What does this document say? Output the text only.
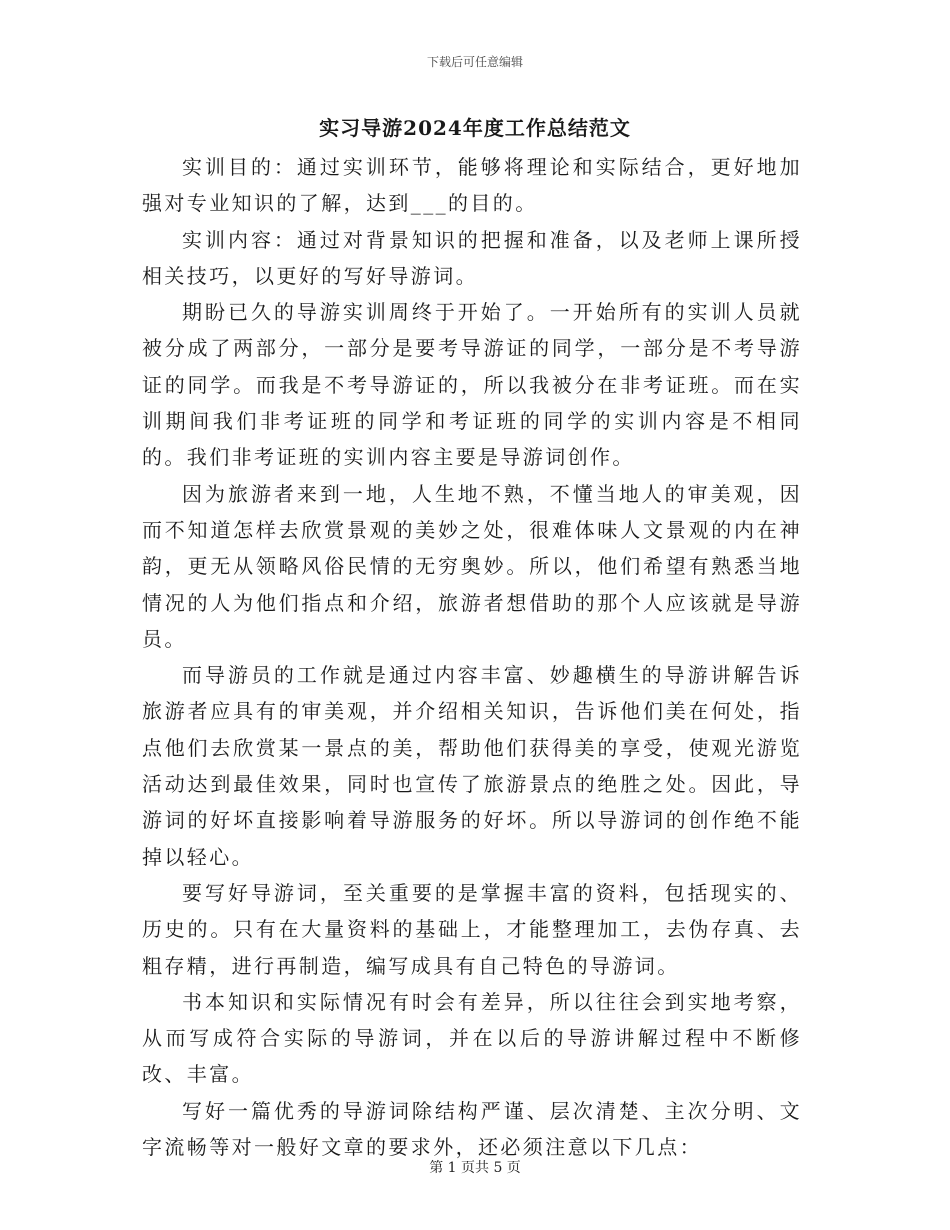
下载后可任意编辑
实习导游2024年度工作总结范文

实训目的：通过实训环节，能够将理论和实际结合，更好地加强对专业知识的了解，达到___的目的。

实训内容：通过对背景知识的把握和准备，以及老师上课所授相关技巧，以更好的写好导游词。

期盼已久的导游实训周终于开始了。一开始所有的实训人员就被分成了两部分，一部分是要考导游证的同学，一部分是不考导游证的同学。而我是不考导游证的，所以我被分在非考证班。而在实训期间我们非考证班的同学和考证班的同学的实训内容是不相同的。我们非考证班的实训内容主要是导游词创作。

因为旅游者来到一地，人生地不熟，不懂当地人的审美观，因而不知道怎样去欣赏景观的美妙之处，很难体味人文景观的内在神韵，更无从领略风俗民情的无穷奥妙。所以，他们希望有熟悉当地情况的人为他们指点和介绍，旅游者想借助的那个人应该就是导游员。

而导游员的工作就是通过内容丰富、妙趣横生的导游讲解告诉旅游者应具有的审美观，并介绍相关知识，告诉他们美在何处，指点他们去欣赏某一景点的美，帮助他们获得美的享受，使观光游览活动达到最佳效果，同时也宣传了旅游景点的绝胜之处。因此，导游词的好坏直接影响着导游服务的好坏。所以导游词的创作绝不能掉以轻心。

要写好导游词，至关重要的是掌握丰富的资料，包括现实的、历史的。只有在大量资料的基础上，才能整理加工，去伪存真、去粗存精，进行再制造，编写成具有自己特色的导游词。

书本知识和实际情况有时会有差异，所以往往会到实地考察，从而写成符合实际的导游词，并在以后的导游讲解过程中不断修改、丰富。

写好一篇优秀的导游词除结构严谨、层次清楚、主次分明、文字流畅等对一般好文章的要求外，还必须注意以下几点：

第 1 页共 5 页
